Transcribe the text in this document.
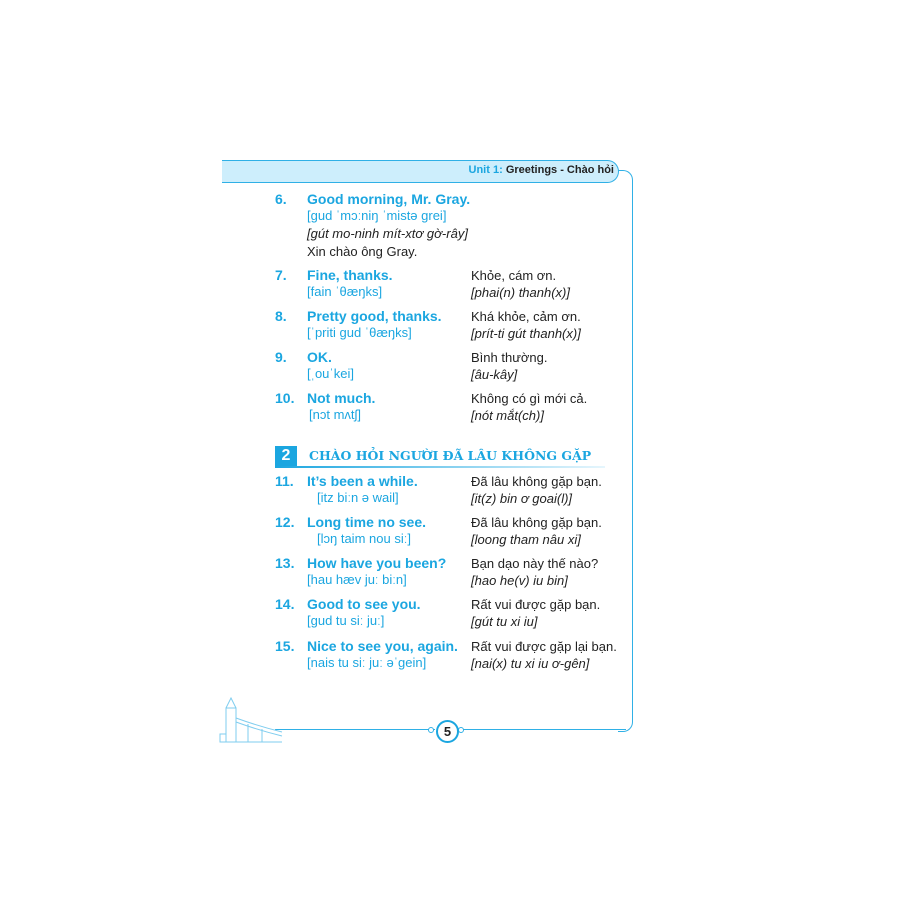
Unit 1: Greetings - Chào hỏi
5
6. Good morning, Mr. Gray.
[gud ˈmɔːniŋ ˈmistə grei]
[gút mo-ninh mít-xtơ gờ-rây]
Xin chào ông Gray.
2	CHÀO HỎI NGƯỜI ĐÃ LÂU KHÔNG GẶP
7. Fine, thanks.
[fain ˈθæŋks]
Khỏe, cám ơn.
[phai(n) thanh(x)]
8. Pretty good, thanks.
[ˈpriti gud ˈθæŋks]
Khá khỏe, cảm ơn.
[prít-ti gút thanh(x)]
9. OK.
[ˌouˈkei]
Bình thường.
[âu-kây]
10. Not much.
[nɔt mʌtʃ]
Không có gì mới cả.
[nót mắt(ch)]
11. It’s been a while.
[itz biːn ə wail]
Đã lâu không gặp bạn.
[it(z) bin ơ goai(l)]
12. Long time no see.
[lɔŋ taim nou siː]
Đã lâu không gặp bạn.
[loong tham nâu xi]
13. How have you been?
[hau hæv juː biːn]
Bạn dạo này thế nào?
[hao he(v) iu bin]
14. Good to see you.
[gud tu siː juː]
Rất vui được gặp bạn.
[gút tu xi iu]
15. Nice to see you, again.
[nais tu siː juː əˈgein]
Rất vui được gặp lại bạn.
[nai(x) tu xi iu ơ-gên]
